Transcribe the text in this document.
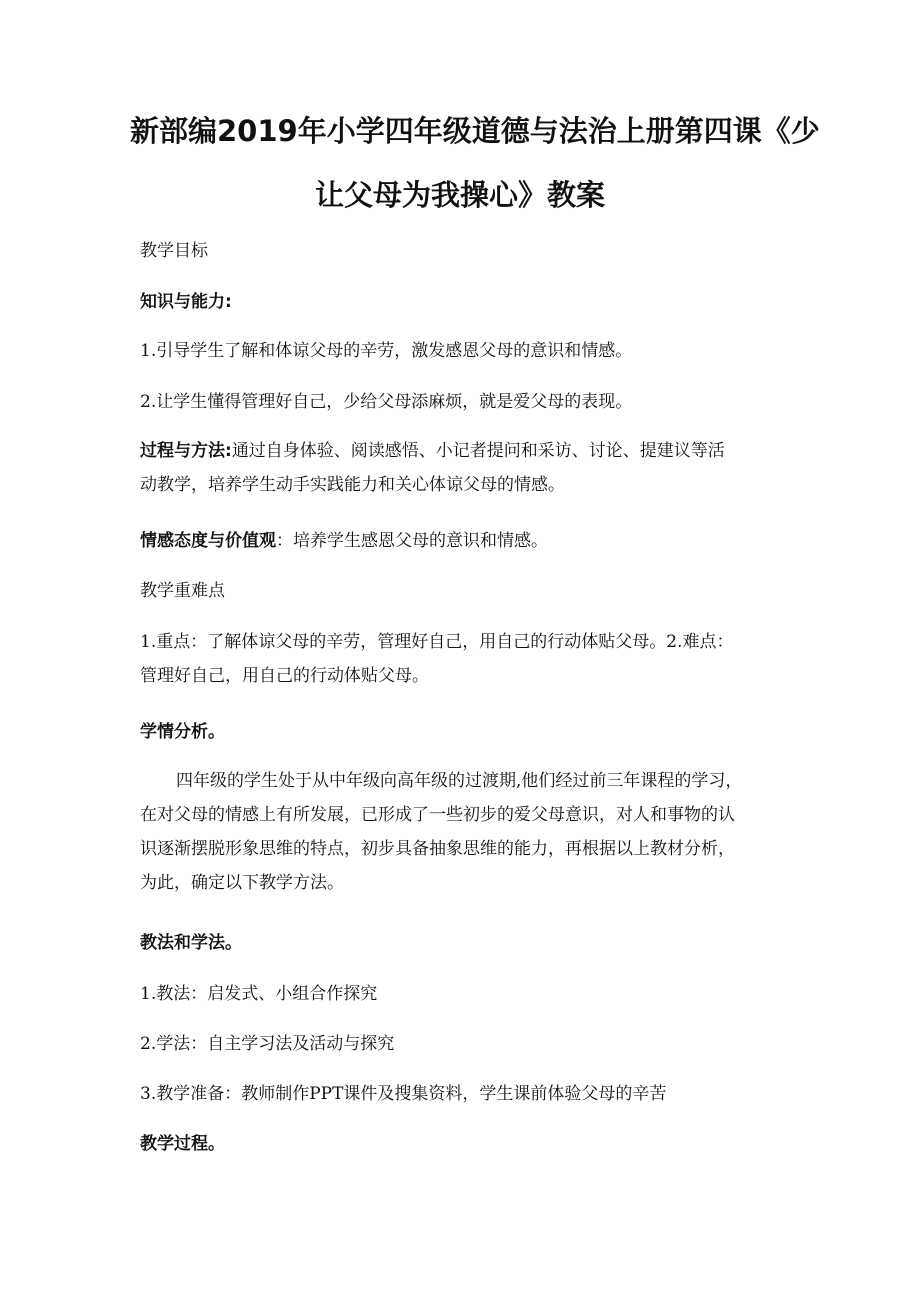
新部编2019年小学四年级道德与法治上册第四课《少
让父母为我操心》教案

教学目标

知识与能力:

1.引导学生了解和体谅父母的辛劳，激发感恩父母的意识和情感。

2.让学生懂得管理好自己，少给父母添麻烦，就是爱父母的表现。

过程与方法:通过自身体验、阅读感悟、小记者提问和采访、讨论、提建议等活
动教学，培养学生动手实践能力和关心体谅父母的情感。

情感态度与价值观：培养学生感恩父母的意识和情感。

教学重难点

1.重点：了解体谅父母的辛劳，管理好自己，用自己的行动体贴父母。2.难点：
管理好自己，用自己的行动体贴父母。

学情分析。

四年级的学生处于从中年级向高年级的过渡期,他们经过前三年课程的学习，
在对父母的情感上有所发展，已形成了一些初步的爱父母意识，对人和事物的认
识逐渐摆脱形象思维的特点，初步具备抽象思维的能力，再根据以上教材分析，
为此，确定以下教学方法。

教法和学法。

1.教法：启发式、小组合作探究

2.学法：自主学习法及活动与探究

3.教学准备：教师制作PPT课件及搜集资料，学生课前体验父母的辛苦

教学过程。
